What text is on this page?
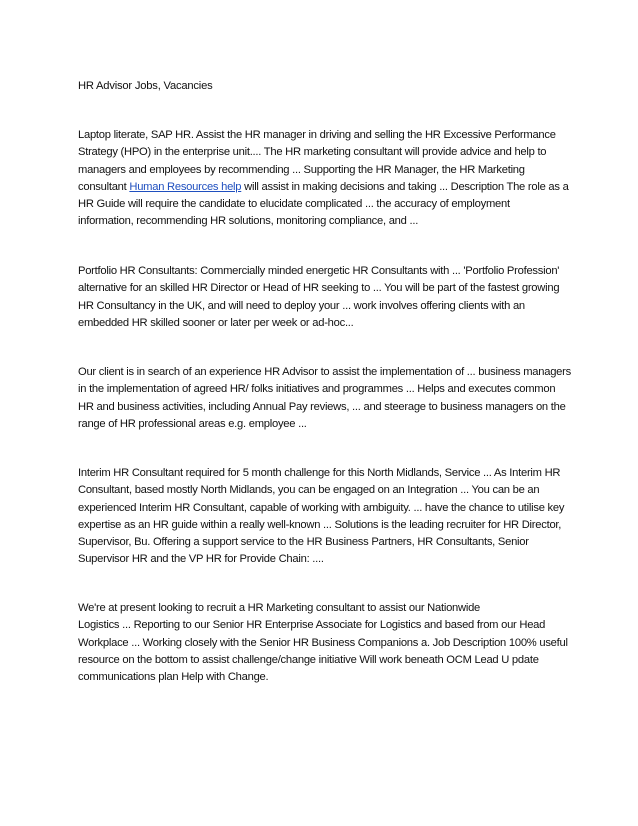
HR Advisor Jobs, Vacancies
Laptop literate, SAP HR. Assist the HR manager in driving and selling the HR Excessive Performance
Strategy (HPO) in the enterprise unit.... The HR marketing consultant will provide advice and help to
managers and employees by recommending ... Supporting the HR Manager, the HR Marketing
consultant Human Resources help will assist in making decisions and taking ... Description The role as a
HR Guide will require the candidate to elucidate complicated ... the accuracy of employment
information, recommending HR solutions, monitoring compliance, and ...
Portfolio HR Consultants: Commercially minded energetic HR Consultants with ... 'Portfolio Profession'
alternative for an skilled HR Director or Head of HR seeking to ... You will be part of the fastest growing
HR Consultancy in the UK, and will need to deploy your ... work involves offering clients with an
embedded HR skilled sooner or later per week or ad-hoc...
Our client is in search of an experience HR Advisor to assist the implementation of ... business managers
in the implementation of agreed HR/ folks initiatives and programmes ... Helps and executes common
HR and business activities, including Annual Pay reviews, ... and steerage to business managers on the
range of HR professional areas e.g. employee ...
Interim HR Consultant required for 5 month challenge for this North Midlands, Service ... As Interim HR
Consultant, based mostly North Midlands, you can be engaged on an Integration ... You can be an
experienced Interim HR Consultant, capable of working with ambiguity. ... have the chance to utilise key
expertise as an HR guide within a really well-known ... Solutions is the leading recruiter for HR Director,
Supervisor, Bu. Offering a support service to the HR Business Partners, HR Consultants, Senior
Supervisor HR and the VP HR for Provide Chain: ....
We're at present looking to recruit a HR Marketing consultant to assist our Nationwide
Logistics ... Reporting to our Senior HR Enterprise Associate for Logistics and based from our Head
Workplace ... Working closely with the Senior HR Business Companions a. Job Description 100% useful
resource on the bottom to assist challenge/change initiative Will work beneath OCM Lead U pdate
communications plan Help with Change.
